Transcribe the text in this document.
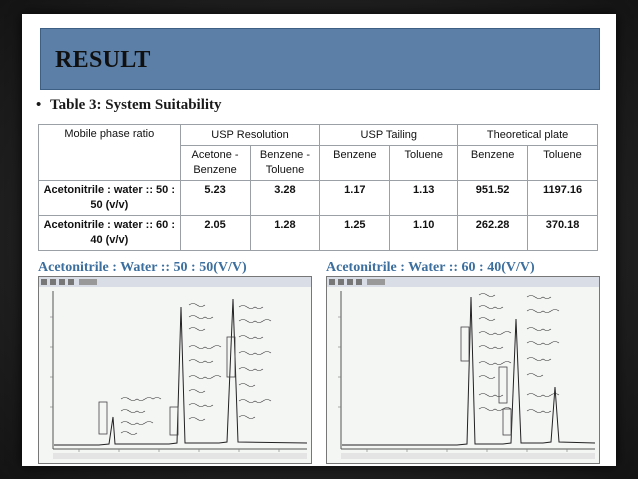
RESULT
• Table 3: System Suitability
Mobile phase ratio	USP Resolution		USP Tailing		Theoretical plate	
	Acetone - Benzene	Benzene - Toluene	Benzene	Toluene	Benzene	Toluene
Acetonitrile : water :: 50 : 50 (v/v)	5.23	3.28	1.17	1.13	951.52	1197.16
Acetonitrile : water :: 60 : 40 (v/v)	2.05	1.28	1.25	1.10	262.28	370.18
Acetonitrile : Water :: 50 : 50(V/V)	Acetonitrile : Water :: 60 : 40(V/V)
